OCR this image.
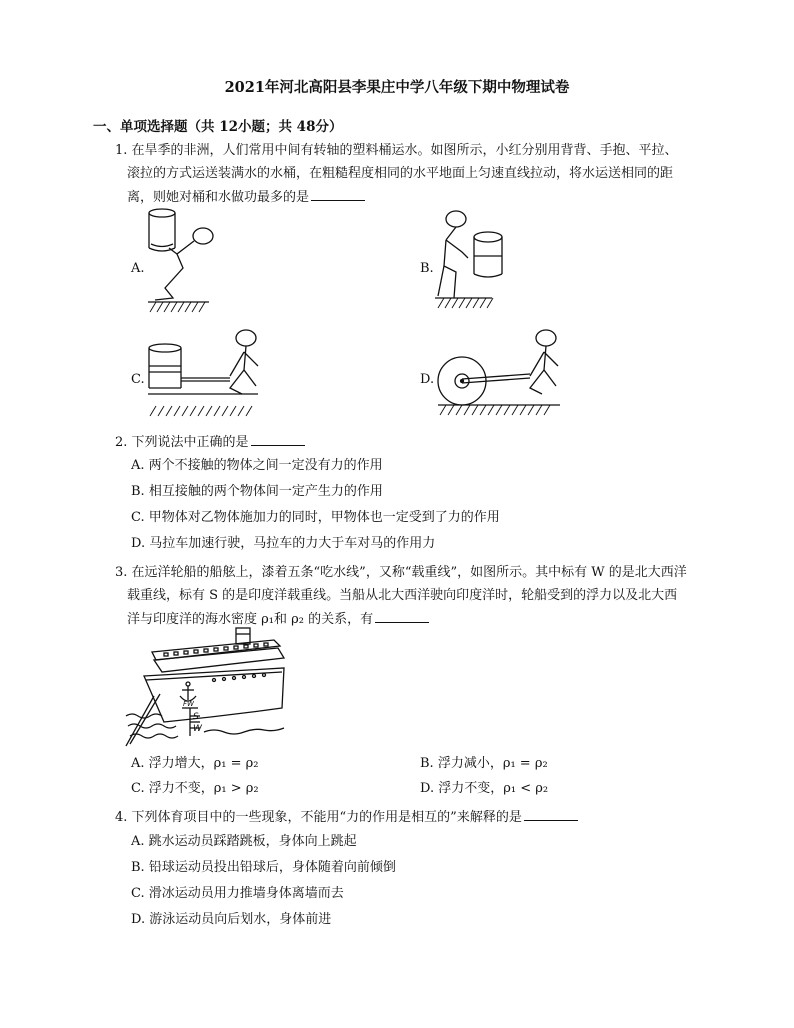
2021年河北高阳县李果庄中学八年级下期中物理试卷
一、单项选择题（共 12小题；共 48分）
1. 在旱季的非洲，人们常用中间有转轴的塑料桶运水。如图所示，小红分别用背背、手抱、平拉、
滚拉的方式运送装满水的水桶，在粗糙程度相同的水平地面上匀速直线拉动，将水运送相同的距
离，则她对桶和水做功最多的是
A.	B.
C.	D.
2. 下列说法中正确的是
A. 两个不接触的物体之间一定没有力的作用
B. 相互接触的两个物体间一定产生力的作用
C. 甲物体对乙物体施加力的同时，甲物体也一定受到了力的作用
D. 马拉车加速行驶，马拉车的力大于车对马的作用力
3. 在远洋轮船的船舷上，漆着五条“吃水线”，又称“载重线”，如图所示。其中标有 W 的是北大西洋
载重线，标有 S 的是印度洋载重线。当船从北大西洋驶向印度洋时，轮船受到的浮力以及北大西
洋与印度洋的海水密度 ρ₁和 ρ₂ 的关系，有
FW
S
W
A. 浮力增大，ρ₁ = ρ₂	B. 浮力减小，ρ₁ = ρ₂
C. 浮力不变，ρ₁ > ρ₂	D. 浮力不变，ρ₁ < ρ₂
4. 下列体育项目中的一些现象，不能用“力的作用是相互的”来解释的是
A. 跳水运动员踩踏跳板，身体向上跳起
B. 铅球运动员投出铅球后，身体随着向前倾倒
C. 滑冰运动员用力推墙身体离墙而去
D. 游泳运动员向后划水，身体前进
